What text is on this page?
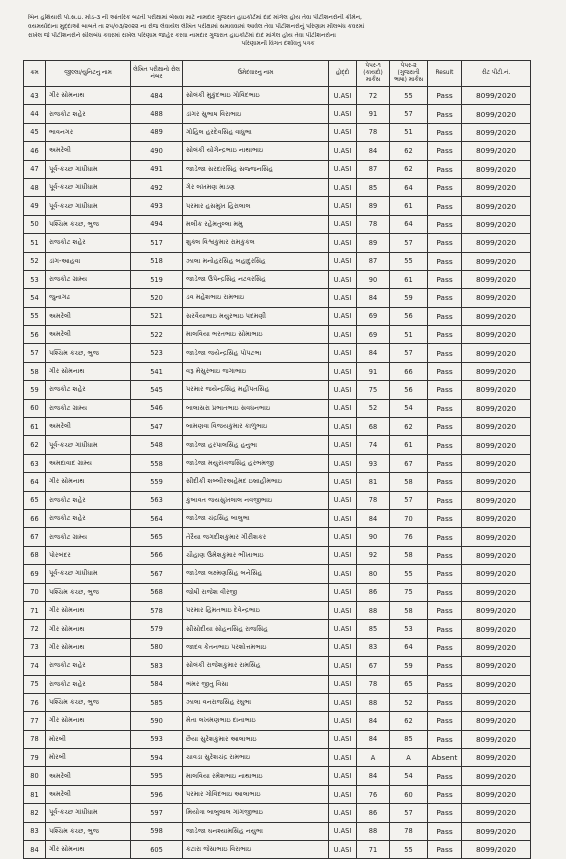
બિન હથિયારી પો.સ.ઇ. મોડ-૩ ની આંતરિક બઢતી પરીક્ષામાં બેસવા માટે નામદાર ગુજરાત હાઇકોર્ટમાં દાદ માંગેલ હોય તેવા પીટીશનરોની ક્રીમેન,

વયમર્યાદાના મુદ્દાઓ બાબતે તા ૨૫/૦૩/૨૦૨૨ ના રોજ લેવાયેલ લેખિત પરીક્ષામાં સમાવવામાં આવેલ તેવા પીટીશનરોનું પરિણામ મીલબંધ કવરમાં

રાખેલ જે પીટીશનરોને સીલબંધ કવરમાં રાખેલ પરિણામ જાહેર કરવા નામદાર ગુજરાત હાઇકોર્ટમાં દાદ માંગેલ હોય તેવા પીટીશનરોના

પરિણામની વિગત દર્શાવતુ પત્રક

ક્રમ	જીલ્લા/યુનિટનુ નામ	લેખિત પરીક્ષાનો રોલ નંબર	ઉમેદવારનુ નામ	હોદ્દો	પેપર-૧ (કાયદો) માર્કસ	પેપર-૨ (ગુજરાતી ભાષા) માર્કસ	Result	રીટ પીટી.નં.
43	ગીર સોમનાથ	484	સોલંકી મુકુંદભાઇ ગોવિંદભાઇ	U.ASI	72	55	Pass	8099/2020
44	રાજકોટ શહેર	488	ડાંગર સુભાષ વિરાભાઇ	U.ASI	91	57	Pass	8099/2020
45	ભાવનગર	489	ગોહિલ હરદેવસિંહ વાધુભા	U.ASI	78	51	Pass	8099/2020
46	અમરેલી	490	સોલંકી યોગેન્દ્રભાઇ નાથાભાઇ	U.ASI	84	62	Pass	8099/2020
47	પૂર્વ-કચ્છ ગાંધીધામ	491	જાડેજા સરદારસિંહ સજ્જનસિંહ	U.ASI	87	62	Pass	8099/2020
48	પૂર્વ-કચ્છ ગાંધીધામ	492	ગેર લખમણ માડણ	U.ASI	85	64	Pass	8099/2020
49	પૂર્વ-કચ્છ ગાંધીધામ	493	પરમાર હસમુખ હિરાલાલ	U.ASI	89	61	Pass	8099/2020
50	પશ્ચિમ કચ્છ, ભુજ	494	મલીક રહેમતુલ્લા મમુ	U.ASI	78	64	Pass	8099/2020
51	રાજકોટ શહેર	517	શુક્લ વિશ્વકુમાર રામકુકલ	U.ASI	89	57	Pass	8099/2020
52	ડાંગ-આહવા	518	ઝાલા મનોહરસિંહ બહાદુરસિંહ	U.ASI	87	55	Pass	8099/2020
53	રાજકોટ ગ્રામ્ય	519	જાડેજા ઉપેન્દ્રસિંહ નટવરસિંહ	U.ASI	90	61	Pass	8099/2020
54	જુનાગઢ	520	ડવ મહેશભાઇ રામભાઇ	U.ASI	84	59	Pass	8099/2020
55	અમરેલી	521	સરવૈયાભાઇ મયુરભાઇ પદમણી	U.ASI	69	56	Pass	8099/2020
56	અમરેલી	522	માલવિયા ભરતભાઇ સોમાભાઇ	U.ASI	69	51	Pass	8099/2020
57	પશ્ચિમ કચ્છ, ભુજ	523	જાડેજા જયેન્દ્રસિંહ પોપટભા	U.ASI	84	57	Pass	8099/2020
58	ગીર સોમનાથ	541	વરૂ મેસુરભાઇ જગાભાઇ	U.ASI	91	66	Pass	8099/2020
59	રાજકોટ શહેર	545	પરમાર જયેન્દ્રસિંહ મહીપતસિંહ	U.ASI	75	56	Pass	8099/2020
60	રાજકોટ ગ્રામ્ય	546	બાલાસરા પ્રભાતભાઇ સવધનભાઇ	U.ASI	52	54	Pass	8099/2020
61	અમરેલી	547	બામણવા વિજયકુમાર કાળુભાઇ	U.ASI	68	62	Pass	8099/2020
62	પૂર્વ-કચ્છ ગાંધીધામ	548	જાડેજા હરપાલસિંહ હનુભા	U.ASI	74	61	Pass	8099/2020
63	અમદાવાદ ગ્રામ્ય	558	જાડેજા મયુરધ્વજસિંહ હરભમજી	U.ASI	93	67	Pass	8099/2020
64	ગીર સોમનાથ	559	સીદીકી શબ્બીરઅહેમદ ઇબ્રાહીમભાઇ	U.ASI	81	58	Pass	8099/2020
65	રાજકોટ શહેર	563	કુબાવત જયસુખલાલ નવજીભાઇ	U.ASI	78	57	Pass	8099/2020
66	રાજકોટ શહેર	564	જાડેજા ચંદ્રસિંહ બાલુભા	U.ASI	84	70	Pass	8099/2020
67	રાજકોટ ગ્રામ્ય	565	તેરૈયા જગદીશકુમાર ગીરીશકર	U.ASI	90	76	Pass	8099/2020
68	પોરબંદર	566	ચૌહાણ ઉમેશકુમાર ભીખાભાઇ	U.ASI	92	58	Pass	8099/2020
69	પૂર્વ-કચ્છ ગાંધીધામ	567	જાડેજા લક્ષ્મણસિંહ બનેસિંહ	U.ASI	80	55	Pass	8099/2020
70	પશ્ચિમ કચ્છ, ભુજ	568	જોષી રાજેશ વીરજી	U.ASI	86	75	Pass	8099/2020
71	ગીર સોમનાથ	578	પરમાર હિંમતભાઇ દેવેન્દ્રભાઇ	U.ASI	88	58	Pass	8099/2020
72	ગીર સોમનાથ	579	સીસોદીયા સોહનસિંહ રાજસિંહ	U.ASI	85	53	Pass	8099/2020
73	ગીર સોમનાથ	580	જાદવ કેતનભાઇ પરશોત્તમભાઇ	U.ASI	83	64	Pass	8099/2020
74	રાજકોટ શહેર	583	સોલંકી રાજેશકુમાર રામસિંહ	U.ASI	67	59	Pass	8099/2020
75	રાજકોટ શહેર	584	ભંમર જીતુ વિસા	U.ASI	78	65	Pass	8099/2020
76	પશ્ચિમ કચ્છ, ભુજ	585	ઝાલા વનરાજસિંહ રઘુભા	U.ASI	88	52	Pass	8099/2020
77	ગીર સોમનાથ	590	મેતા લખમણભાઇ દાનાભાઇ	U.ASI	84	62	Pass	8099/2020
78	મોરબી	593	છૈયા સુરેશકુમાર આલાભાઇ	U.ASI	84	85	Pass	8099/2020
79	મોરબી	594	ચાવડા સુરેશચંદ્ર રામભાઇ	U.ASI	A	A	Absent	8099/2020
80	અમરેલી	595	માલવિયા રમેશભાઇ નાથાભાઇ	U.ASI	84	54	Pass	8099/2020
81	અમરેલી	596	પરમાર ગોવિંદભાઇ આલાભાઇ	U.ASI	76	60	Pass	8099/2020
82	પૂર્વ-કચ્છ ગાંધીધામ	597	મિયોત્રા બાબુલાલ ગાંગજીભાઇ	U.ASI	86	57	Pass	8099/2020
83	પશ્ચિમ કચ્છ, ભુજ	598	જાડેજા ઘનશ્યામસિંહ નયુભા	U.ASI	88	78	Pass	8099/2020
84	ગીર સોમનાથ	605	કટારા જેસાભાઇ વિરાભાઇ	U.ASI	71	55	Pass	8099/2020
